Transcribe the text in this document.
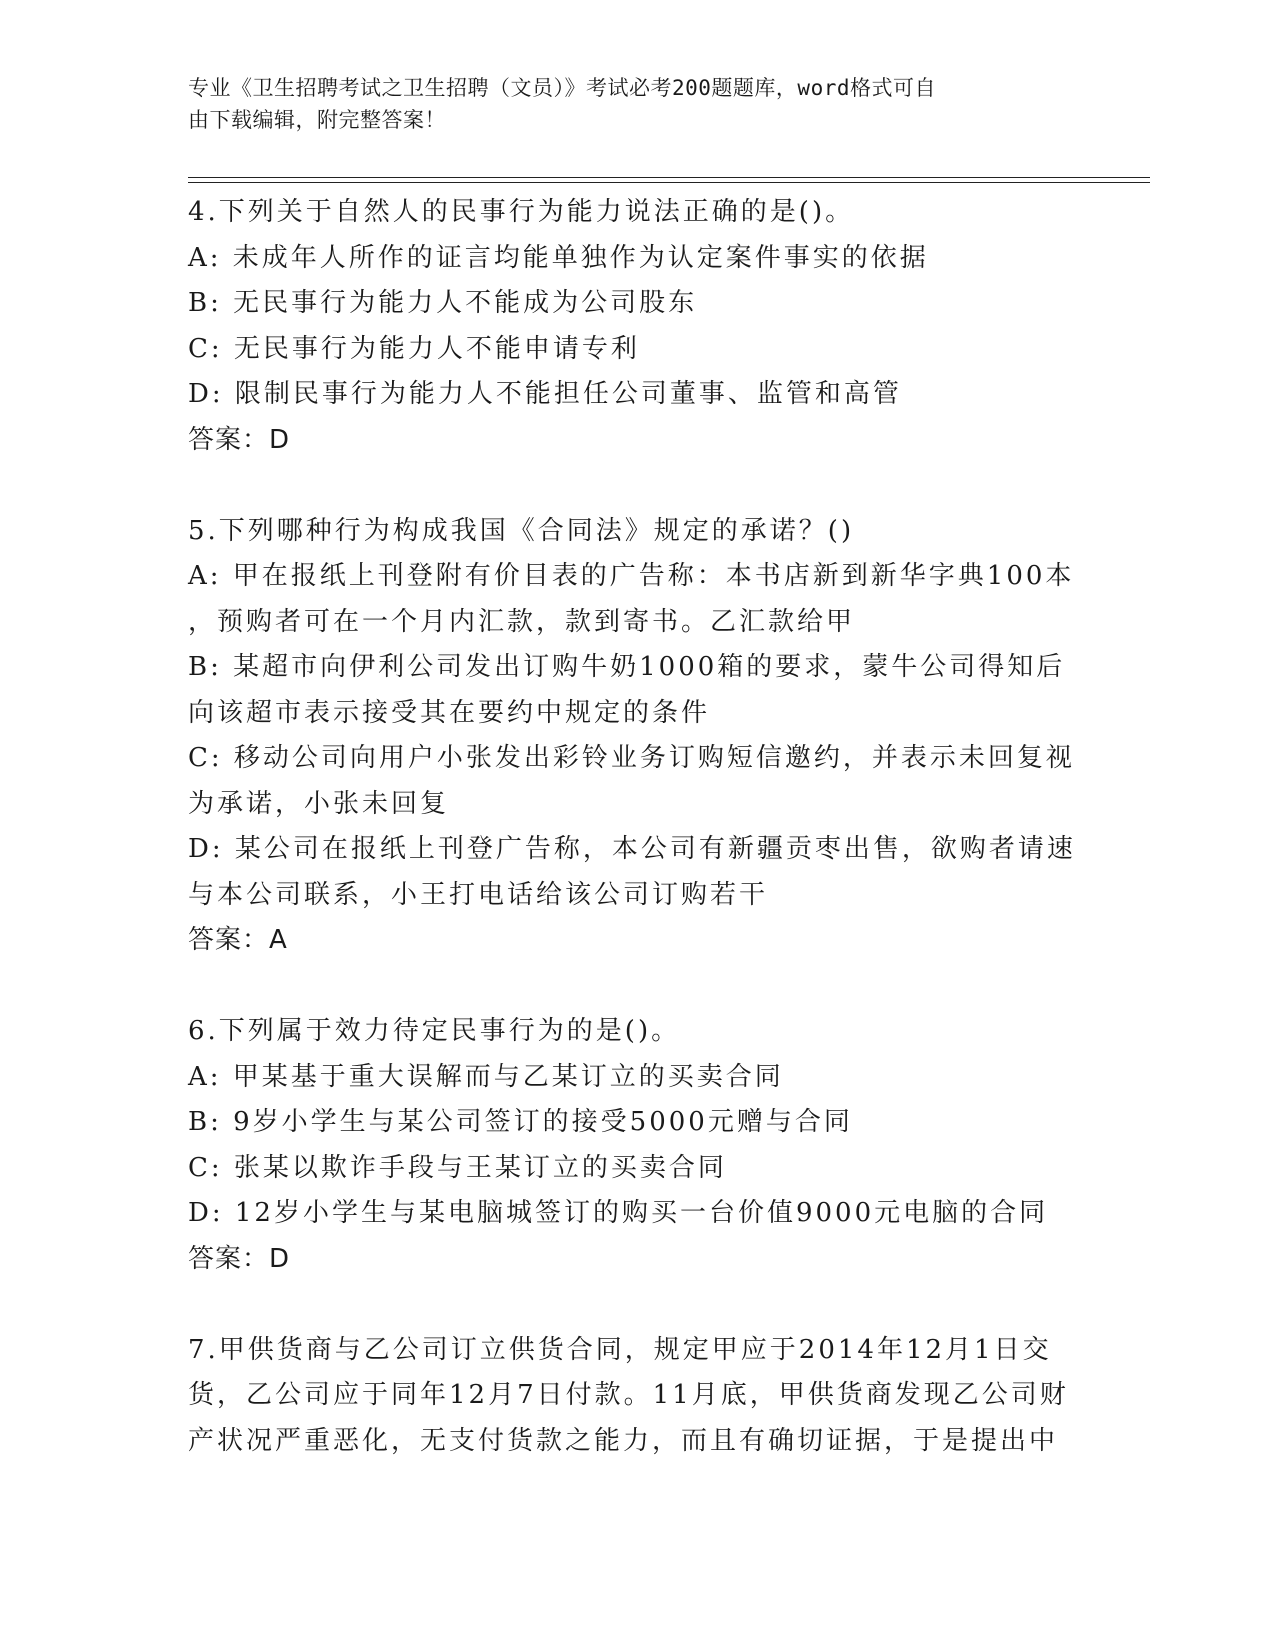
专业《卫生招聘考试之卫生招聘（文员）》考试必考200题题库，word格式可自
由下载编辑，附完整答案！
4.下列关于自然人的民事行为能力说法正确的是()。
A: 未成年人所作的证言均能单独作为认定案件事实的依据
B: 无民事行为能力人不能成为公司股东
C: 无民事行为能力人不能申请专利
D: 限制民事行为能力人不能担任公司董事、监管和高管
答案：D
5.下列哪种行为构成我国《合同法》规定的承诺？()
A: 甲在报纸上刊登附有价目表的广告称：本书店新到新华字典100本
，预购者可在一个月内汇款，款到寄书。乙汇款给甲
B: 某超市向伊利公司发出订购牛奶1000箱的要求，蒙牛公司得知后
向该超市表示接受其在要约中规定的条件
C: 移动公司向用户小张发出彩铃业务订购短信邀约，并表示未回复视
为承诺，小张未回复
D: 某公司在报纸上刊登广告称，本公司有新疆贡枣出售，欲购者请速
与本公司联系，小王打电话给该公司订购若干
答案：A
6.下列属于效力待定民事行为的是()。
A: 甲某基于重大误解而与乙某订立的买卖合同
B: 9岁小学生与某公司签订的接受5000元赠与合同
C: 张某以欺诈手段与王某订立的买卖合同
D: 12岁小学生与某电脑城签订的购买一台价值9000元电脑的合同
答案：D
7.甲供货商与乙公司订立供货合同，规定甲应于2014年12月1日交
货，乙公司应于同年12月7日付款。11月底，甲供货商发现乙公司财
产状况严重恶化，无支付货款之能力，而且有确切证据，于是提出中
